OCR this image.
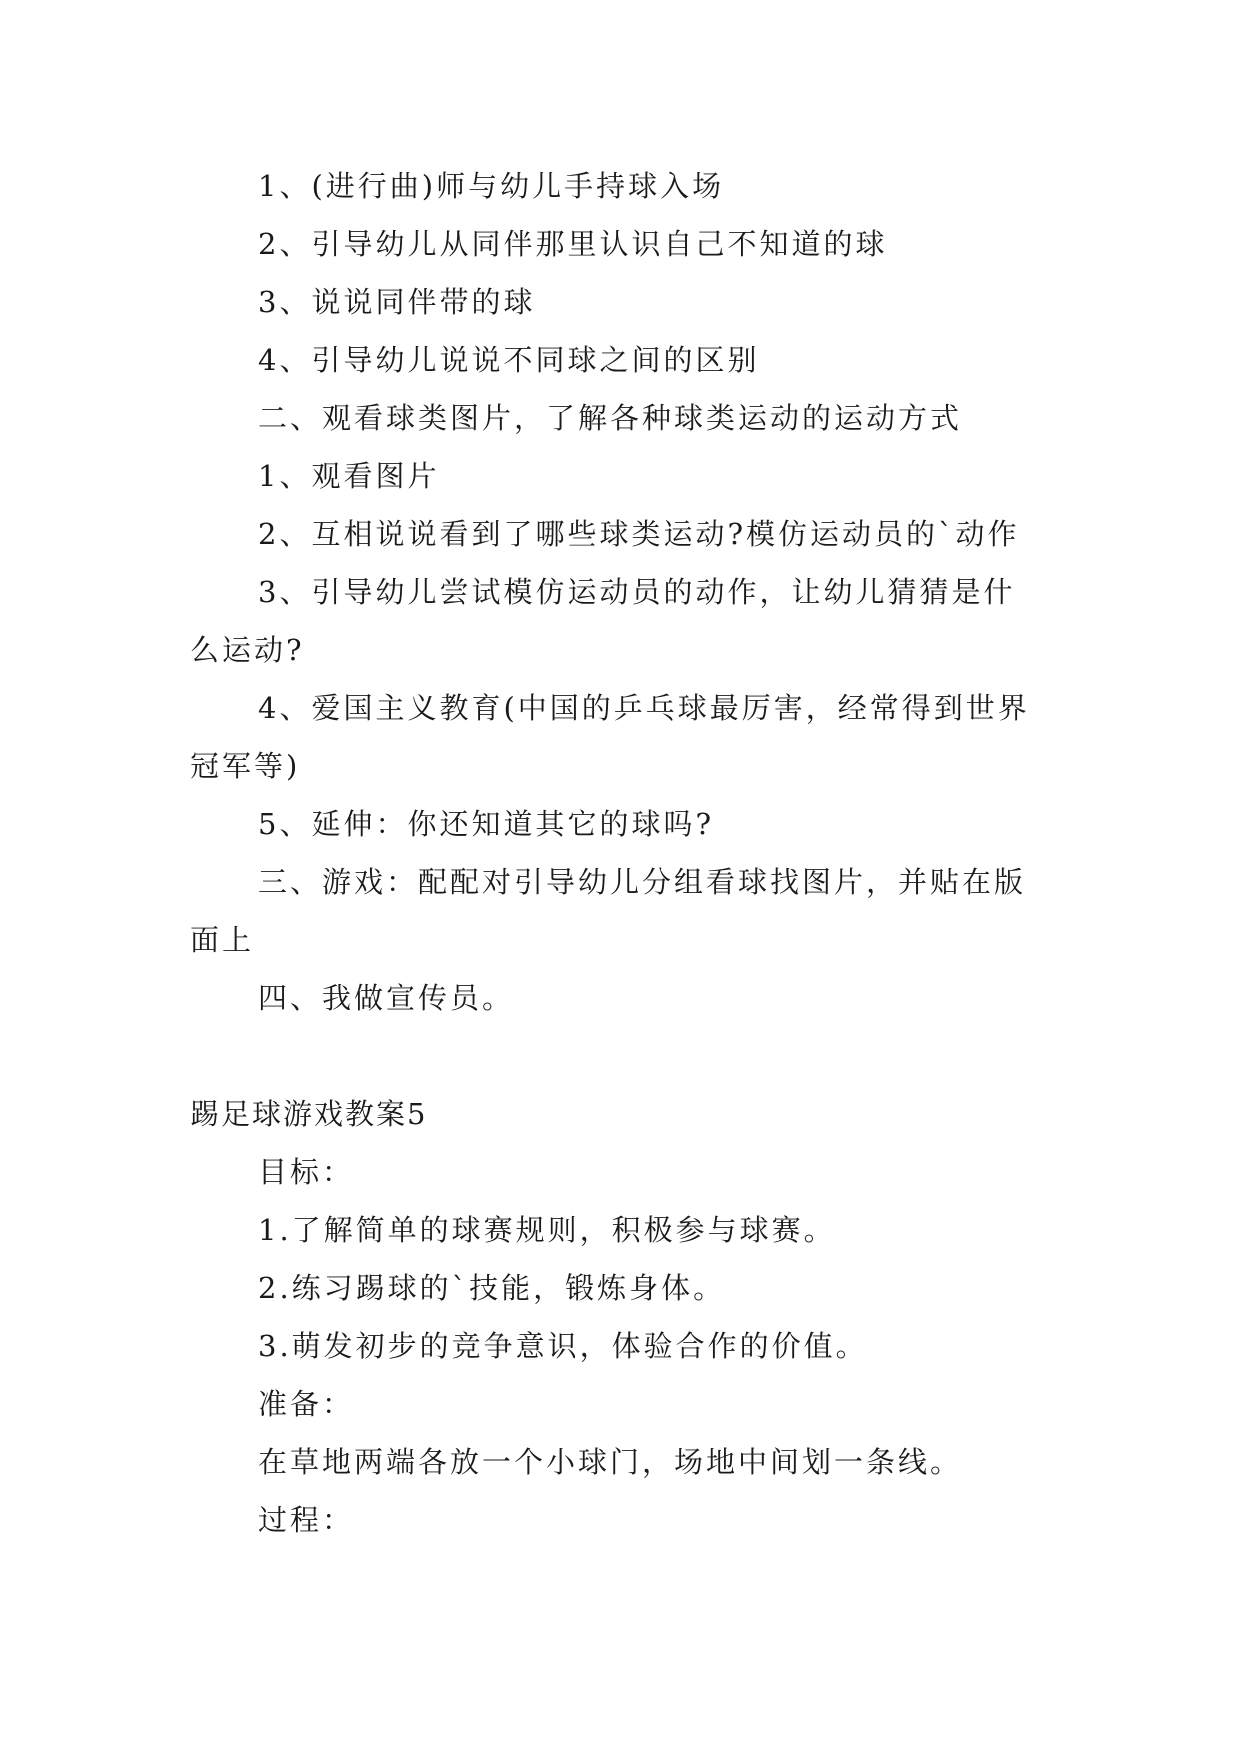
1、(进行曲)师与幼儿手持球入场
2、引导幼儿从同伴那里认识自己不知道的球
3、说说同伴带的球
4、引导幼儿说说不同球之间的区别
二、观看球类图片，了解各种球类运动的运动方式
1、观看图片
2、互相说说看到了哪些球类运动?模仿运动员的`动作
3、引导幼儿尝试模仿运动员的动作，让幼儿猜猜是什
么运动?
4、爱国主义教育(中国的乒乓球最厉害，经常得到世界
冠军等)
5、延伸：你还知道其它的球吗?
三、游戏：配配对引导幼儿分组看球找图片，并贴在版
面上
四、我做宣传员。
踢足球游戏教案5
目标：
1.了解简单的球赛规则，积极参与球赛。
2.练习踢球的`技能，锻炼身体。
3.萌发初步的竞争意识，体验合作的价值。
准备：
在草地两端各放一个小球门，场地中间划一条线。
过程：
